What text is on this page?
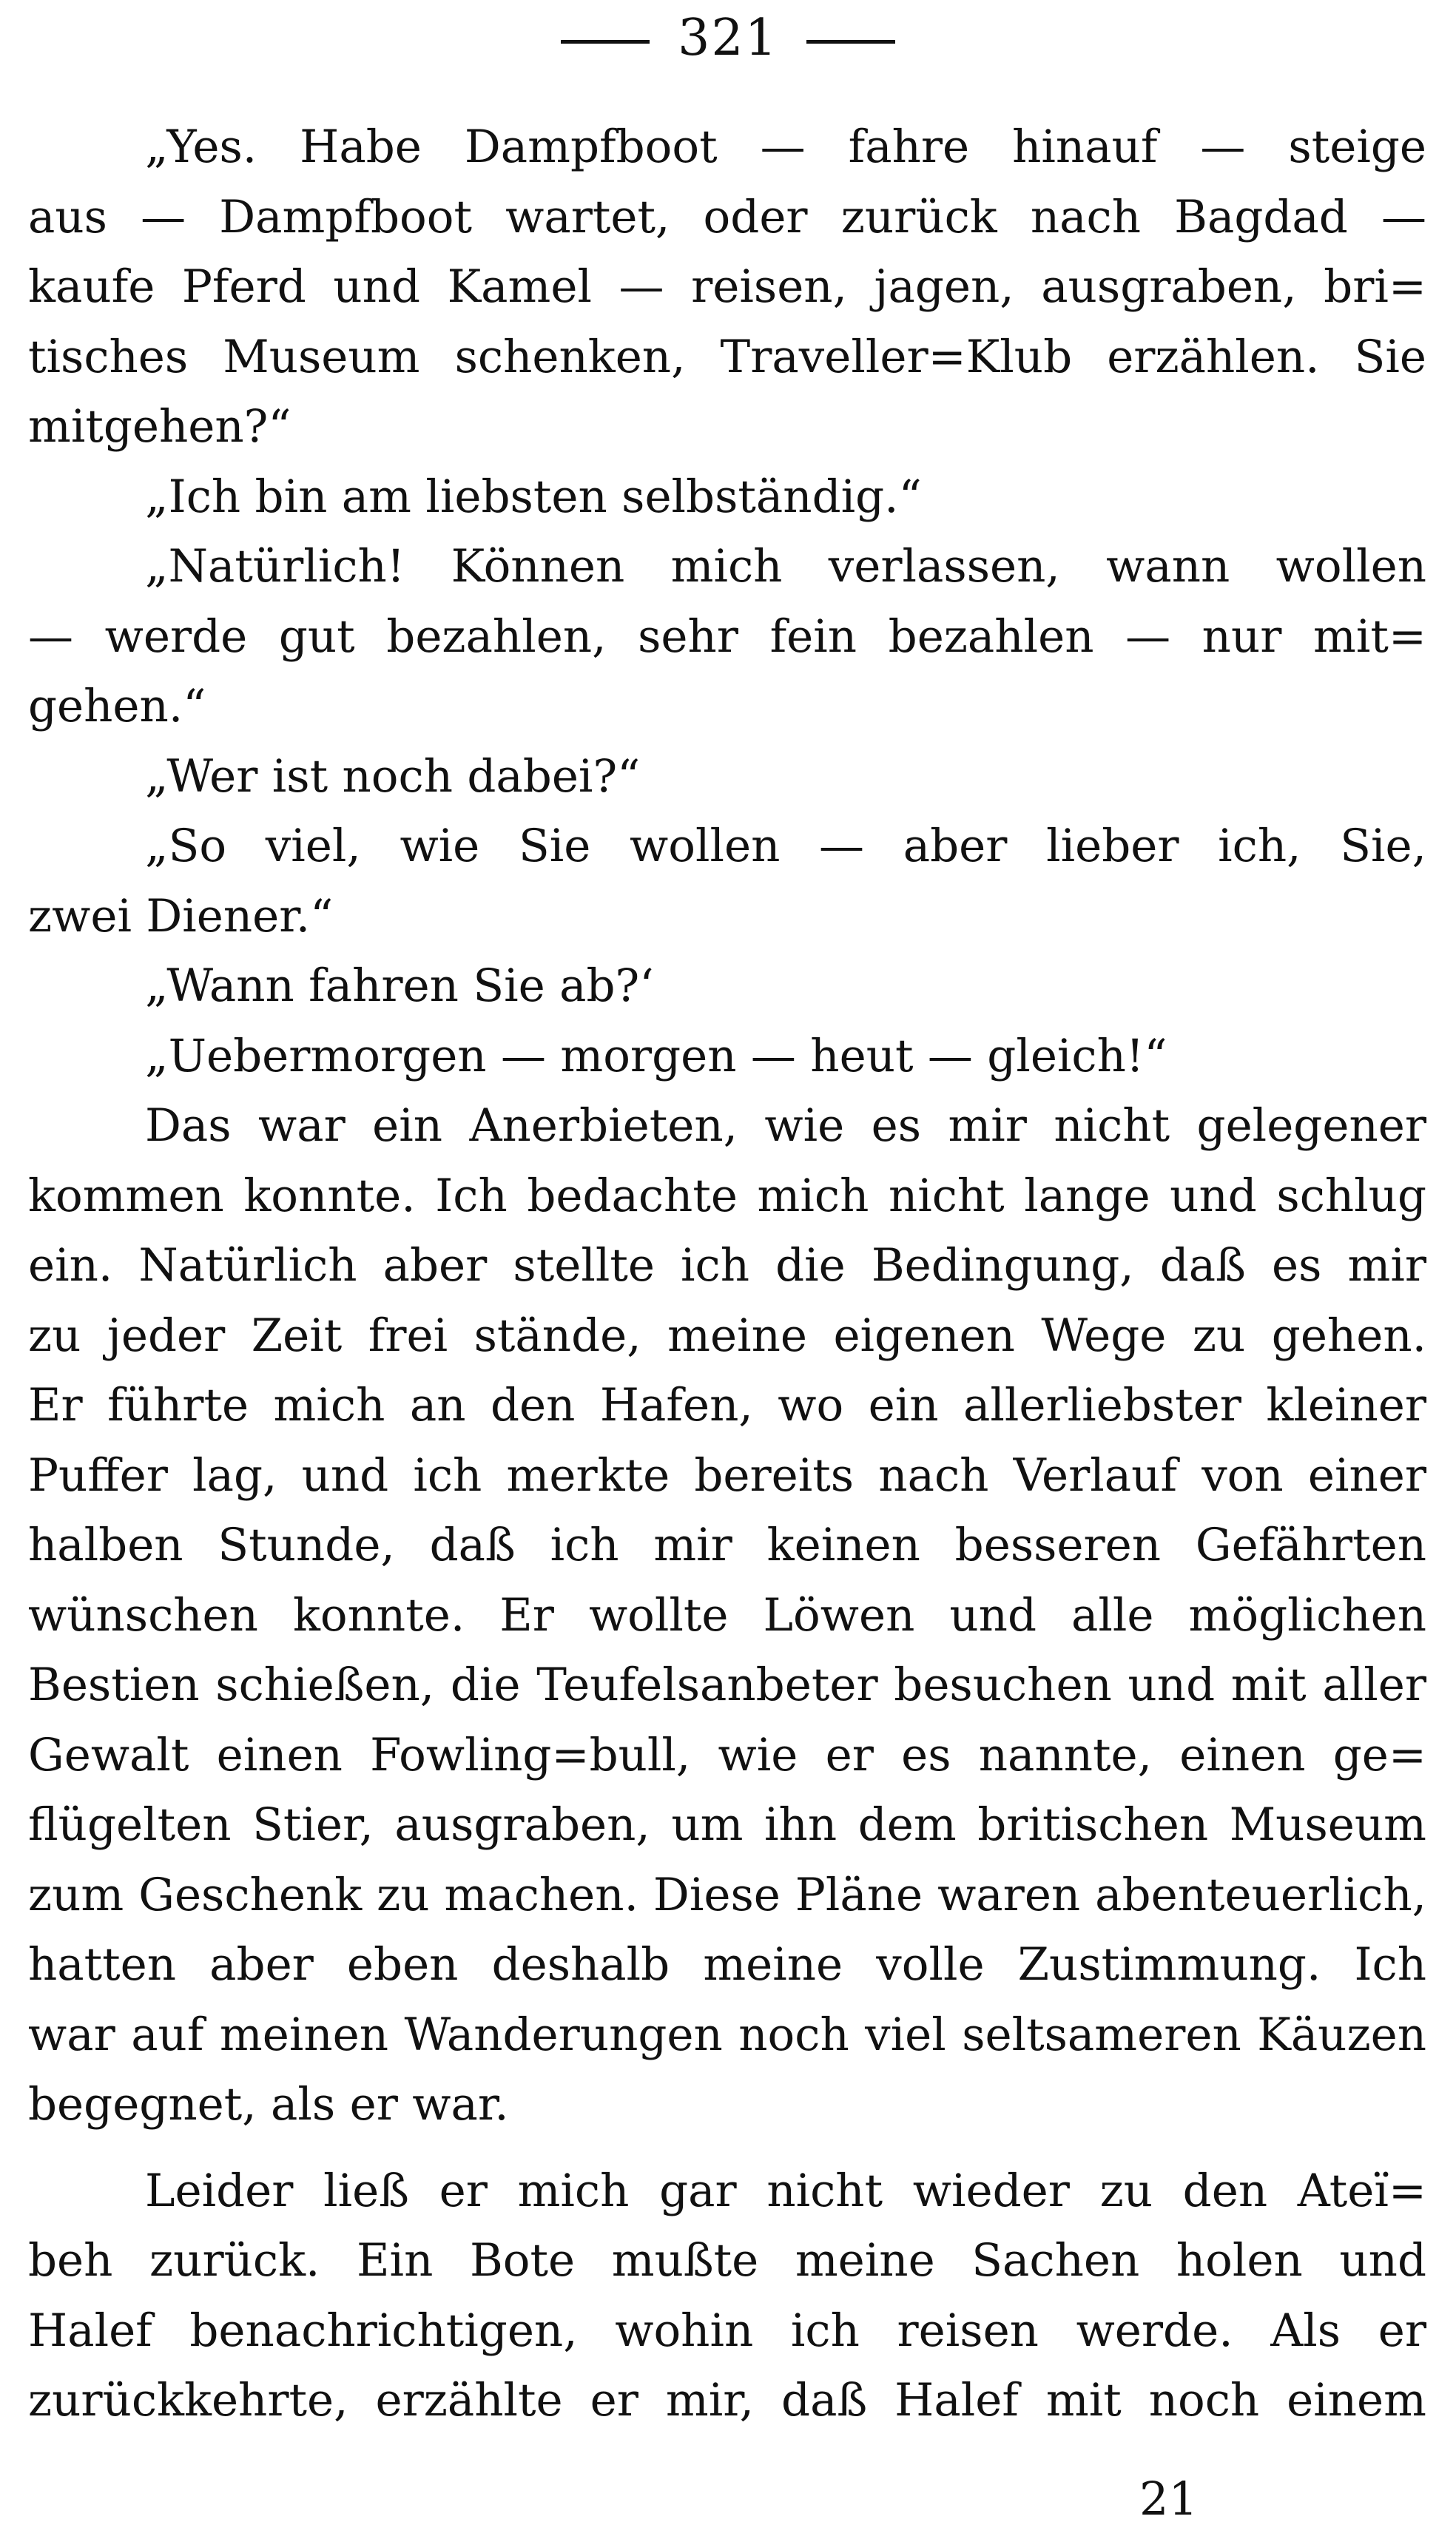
321
„Yes. Habe Dampfboot — fahre hinauf — steige
aus — Dampfboot wartet, oder zurück nach Bagdad —
kaufe Pferd und Kamel — reisen, jagen, ausgraben, bri=
tisches Museum schenken, Traveller=Klub erzählen. Sie
mitgehen?“
„Ich bin am liebsten selbständig.“
„Natürlich! Können mich verlassen, wann wollen
— werde gut bezahlen, sehr fein bezahlen — nur mit=
gehen.“
„Wer ist noch dabei?“
„So viel, wie Sie wollen — aber lieber ich, Sie,
zwei Diener.“
„Wann fahren Sie ab?‘
„Uebermorgen — morgen — heut — gleich!“
Das war ein Anerbieten, wie es mir nicht gelegener
kommen konnte. Ich bedachte mich nicht lange und schlug
ein. Natürlich aber stellte ich die Bedingung, daß es mir
zu jeder Zeit frei stände, meine eigenen Wege zu gehen.
Er führte mich an den Hafen, wo ein allerliebster kleiner
Puffer lag, und ich merkte bereits nach Verlauf von einer
halben Stunde, daß ich mir keinen besseren Gefährten
wünschen konnte. Er wollte Löwen und alle möglichen
Bestien schießen, die Teufelsanbeter besuchen und mit aller
Gewalt einen Fowling=bull, wie er es nannte, einen ge=
flügelten Stier, ausgraben, um ihn dem britischen Museum
zum Geschenk zu machen. Diese Pläne waren abenteuerlich,
hatten aber eben deshalb meine volle Zustimmung. Ich
war auf meinen Wanderungen noch viel seltsameren Käuzen
begegnet, als er war.
Leider ließ er mich gar nicht wieder zu den Ateï=
beh zurück. Ein Bote mußte meine Sachen holen und
Halef benachrichtigen, wohin ich reisen werde. Als er
zurückkehrte, erzählte er mir, daß Halef mit noch einem
21
